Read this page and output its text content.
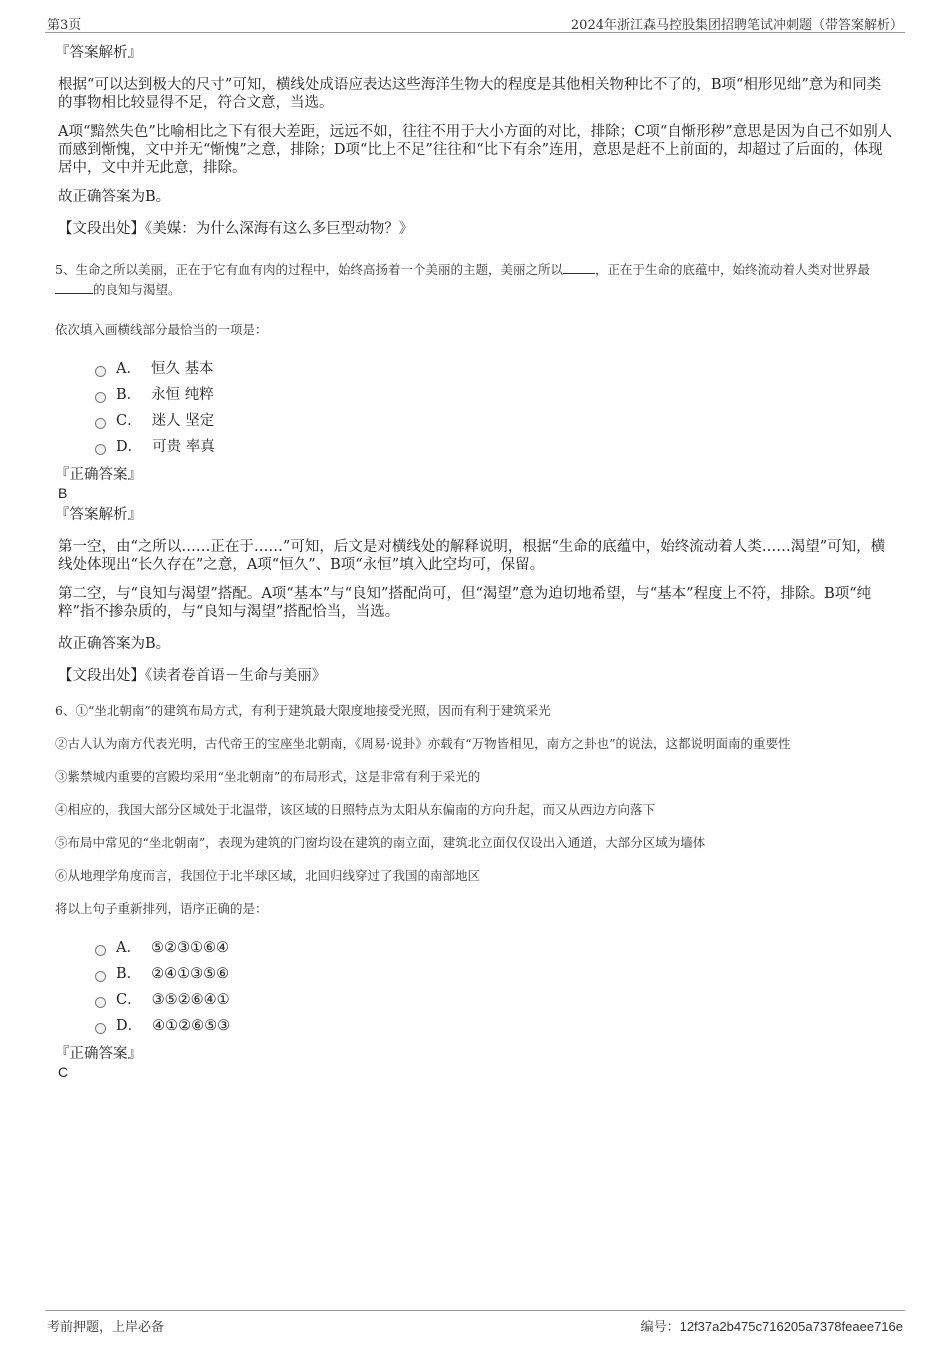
第3页	2024年浙江森马控股集团招聘笔试冲刺题（带答案解析）

『答案解析』

根据“可以达到极大的尺寸”可知，横线处成语应表达这些海洋生物大的程度是其他相关物种比不了的，B项“相形见绌”意为和同类的事物相比较显得不足，符合文意，当选。

A项“黯然失色”比喻相比之下有很大差距，远远不如，往往不用于大小方面的对比，排除；C项“自惭形秽”意思是因为自己不如别人而感到惭愧，文中并无“惭愧”之意，排除；D项“比上不足”往往和“比下有余”连用，意思是赶不上前面的，却超过了后面的，体现居中，文中并无此意，排除。

故正确答案为B。

【文段出处】《美媒：为什么深海有这么多巨型动物？》

5、生命之所以美丽，正在于它有血有肉的过程中，始终高扬着一个美丽的主题，美丽之所以	，正在于生命的底蕴中，始终流动着人类对世界最的良知与渴望。

依次填入画横线部分最恰当的一项是：

A． 恒久 基本
B． 永恒 纯粹
C． 迷人 坚定
D． 可贵 率真

『正确答案』

B

『答案解析』

第一空，由“之所以……正在于……”可知，后文是对横线处的解释说明，根据“生命的底蕴中，始终流动着人类……渴望”可知，横线处体现出“长久存在”之意，A项“恒久”、B项“永恒”填入此空均可，保留。

第二空，与“良知与渴望”搭配。A项“基本”与“良知”搭配尚可，但“渴望”意为迫切地希望，与“基本”程度上不符，排除。B项“纯粹”指不掺杂质的，与“良知与渴望”搭配恰当，当选。

故正确答案为B。

【文段出处】《读者卷首语－生命与美丽》

6、①“坐北朝南”的建筑布局方式，有利于建筑最大限度地接受光照，因而有利于建筑采光

②古人认为南方代表光明，古代帝王的宝座坐北朝南，《周易·说卦》亦载有“万物皆相见，南方之卦也”的说法，这都说明面南的重要性

③紫禁城内重要的宫殿均采用“坐北朝南”的布局形式，这是非常有利于采光的

④相应的，我国大部分区域处于北温带，该区域的日照特点为太阳从东偏南的方向升起，而又从西边方向落下

⑤布局中常见的“坐北朝南”，表现为建筑的门窗均设在建筑的南立面，建筑北立面仅仅设出入通道，大部分区域为墙体

⑥从地理学角度而言，我国位于北半球区域，北回归线穿过了我国的南部地区

将以上句子重新排列，语序正确的是：

A． ⑤②③①⑥④
B． ②④①③⑤⑥
C． ③⑤②⑥④①
D． ④①②⑥⑤③

『正确答案』

C

考前押题，上岸必备	编号：12f37a2b475c716205a7378feaee716e
